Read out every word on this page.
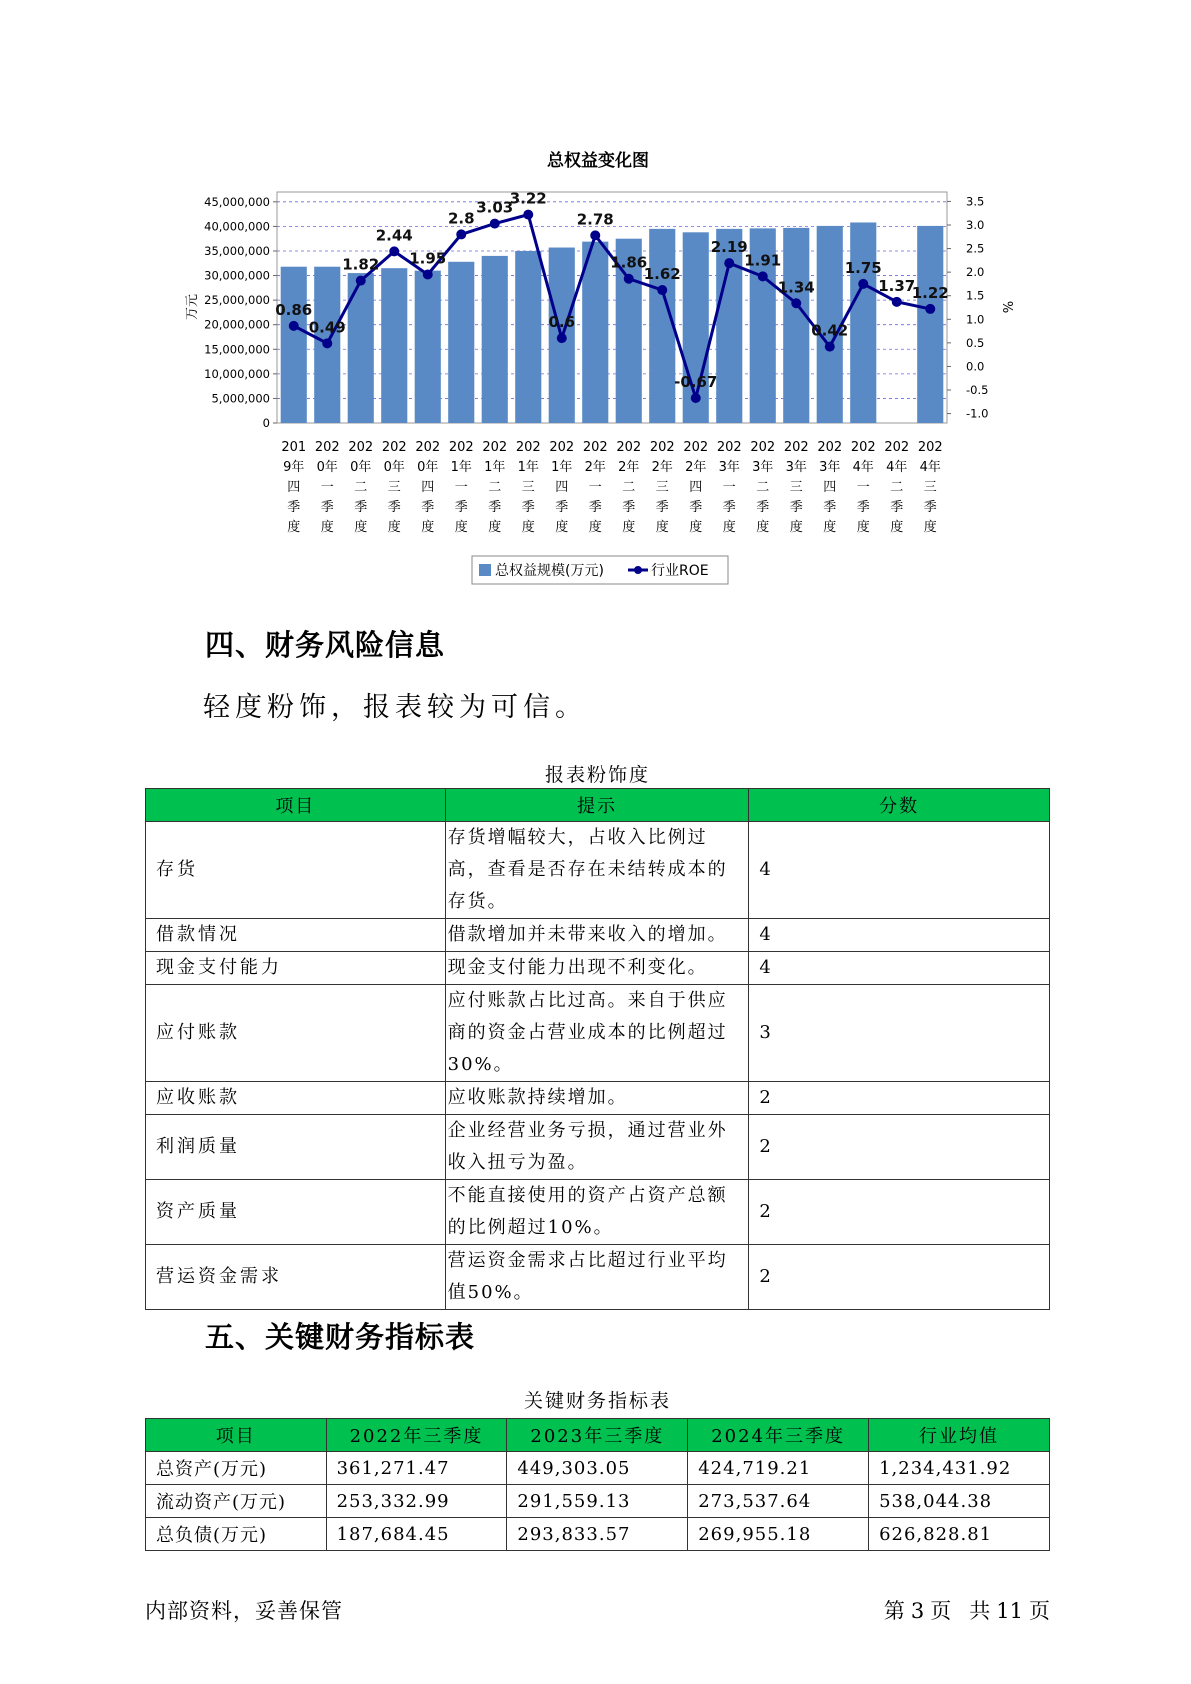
总权益变化图
45,000,000
40,000,000
35,000,000
30,000,000
25,000,000
20,000,000
15,000,000
10,000,000
5,000,000
0
3.5
3.0
2.5
2.0
1.5
1.0
0.5
0.0
-0.5
-1.0
万元	%
0.86
0.49
1.82
2.44
1.95
2.8
3.03
3.22
0.6
2.78
1.86
1.62
-0.67
2.19
1.91
1.34
0.42
1.75
1.37
1.22
201
9年
四
季
度
202
0年
一
季
度
202
0年
二
季
度
202
0年
三
季
度
202
0年
四
季
度
202
1年
一
季
度
202
1年
二
季
度
202
1年
三
季
度
202
1年
四
季
度
202
2年
一
季
度
202
2年
二
季
度
202
2年
三
季
度
202
2年
四
季
度
202
3年
一
季
度
202
3年
二
季
度
202
3年
三
季
度
202
3年
四
季
度
202
4年
一
季
度
202
4年
二
季
度
202
4年
三
季
度
总权益规模(万元)	行业ROE
四、财务风险信息
轻度粉饰，报表较为可信。
报表粉饰度
项目	提示	分数
存货	存货增幅较大，占收入比例过高，查看是否存在未结转成本的存货。	4
借款情况	借款增加并未带来收入的增加。	4
现金支付能力	现金支付能力出现不利变化。	4
应付账款	应付账款占比过高。来自于供应商的资金占营业成本的比例超过30%。	3
应收账款	应收账款持续增加。	2
利润质量	企业经营业务亏损，通过营业外收入扭亏为盈。	2
资产质量	不能直接使用的资产占资产总额的比例超过10%。	2
营运资金需求	营运资金需求占比超过行业平均值50%。	2
五、关键财务指标表
关键财务指标表
项目	2022年三季度	2023年三季度	2024年三季度	行业均值
总资产(万元)	361,271.47	449,303.05	424,719.21	1,234,431.92
流动资产(万元)	253,332.99	291,559.13	273,537.64	538,044.38
总负债(万元)	187,684.45	293,833.57	269,955.18	626,828.81
内部资料，妥善保管	第 3 页 共 11 页
